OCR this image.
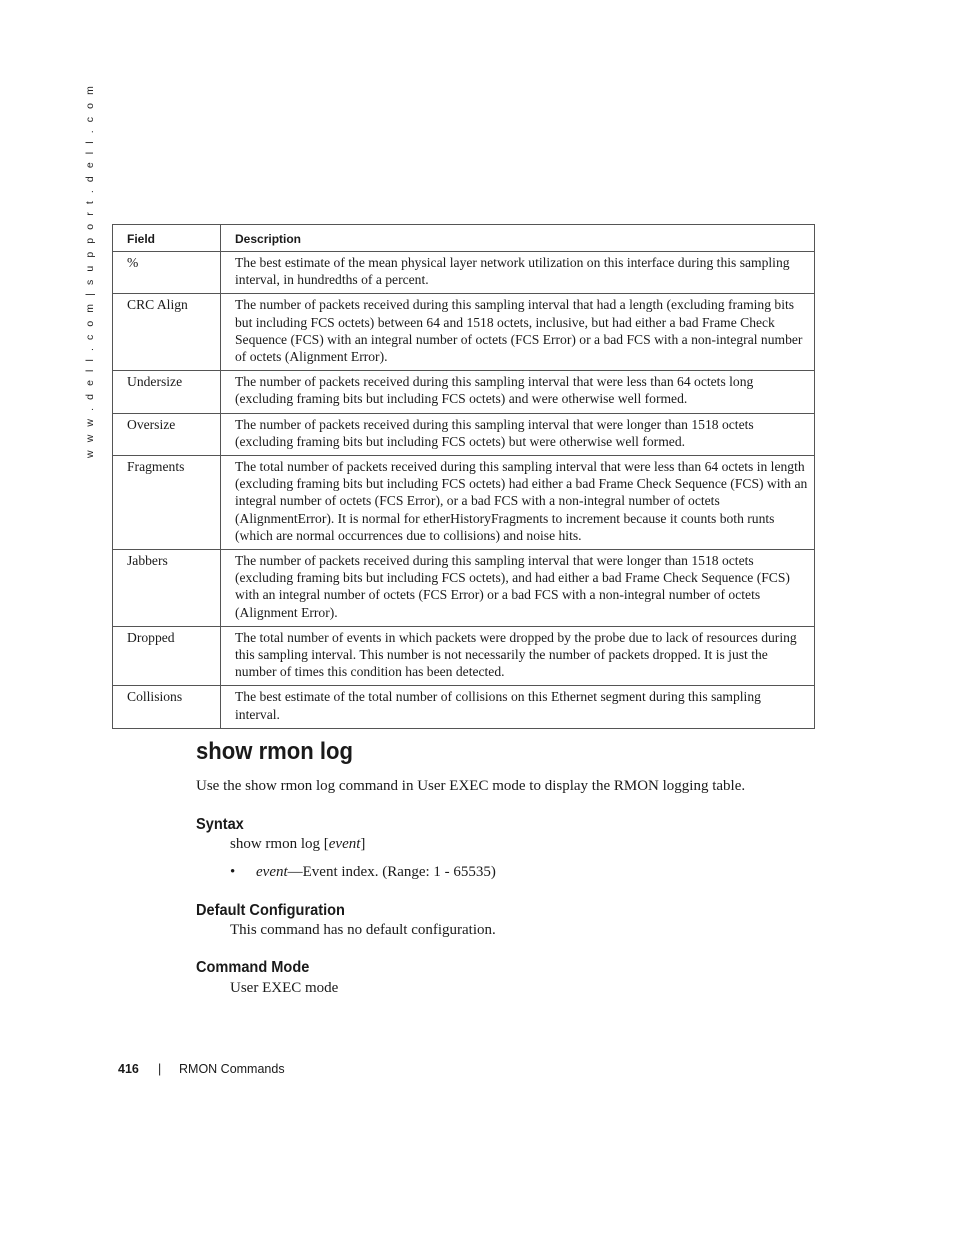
w w w . d e l l . c o m | s u p p o r t . d e l l . c o m	Field	Description
%	The best estimate of the mean physical layer network utilization on this interface during this sampling interval, in hundredths of a percent.
CRC Align	The number of packets received during this sampling interval that had a length (excluding framing bits but including FCS octets) between 64 and 1518 octets, inclusive, but had either a bad Frame Check Sequence (FCS) with an integral number of octets (FCS Error) or a bad FCS with a non-integral number of octets (Alignment Error).
Undersize	The number of packets received during this sampling interval that were less than 64 octets long (excluding framing bits but including FCS octets) and were otherwise well formed.
Oversize	The number of packets received during this sampling interval that were longer than 1518 octets (excluding framing bits but including FCS octets) but were otherwise well formed.
Fragments	The total number of packets received during this sampling interval that were less than 64 octets in length (excluding framing bits but including FCS octets) had either a bad Frame Check Sequence (FCS) with an integral number of octets (FCS Error), or a bad FCS with a non-integral number of octets (AlignmentError). It is normal for etherHistoryFragments to increment because it counts both runts (which are normal occurrences due to collisions) and noise hits.
Jabbers	The number of packets received during this sampling interval that were longer than 1518 octets (excluding framing bits but including FCS octets), and had either a bad Frame Check Sequence (FCS) with an integral number of octets (FCS Error) or a bad FCS with a non-integral number of octets (Alignment Error).
Dropped	The total number of events in which packets were dropped by the probe due to lack of resources during this sampling interval. This number is not necessarily the number of packets dropped. It is just the number of times this condition has been detected.
Collisions	The best estimate of the total number of collisions on this Ethernet segment during this sampling interval.
show rmon log

Use the show rmon log command in User EXEC mode to display the RMON logging table.

Syntax

show rmon log [event]

• event—Event index. (Range: 1 - 65535)

Default Configuration

This command has no default configuration.

Command Mode

User EXEC mode

416 | RMON Commands
